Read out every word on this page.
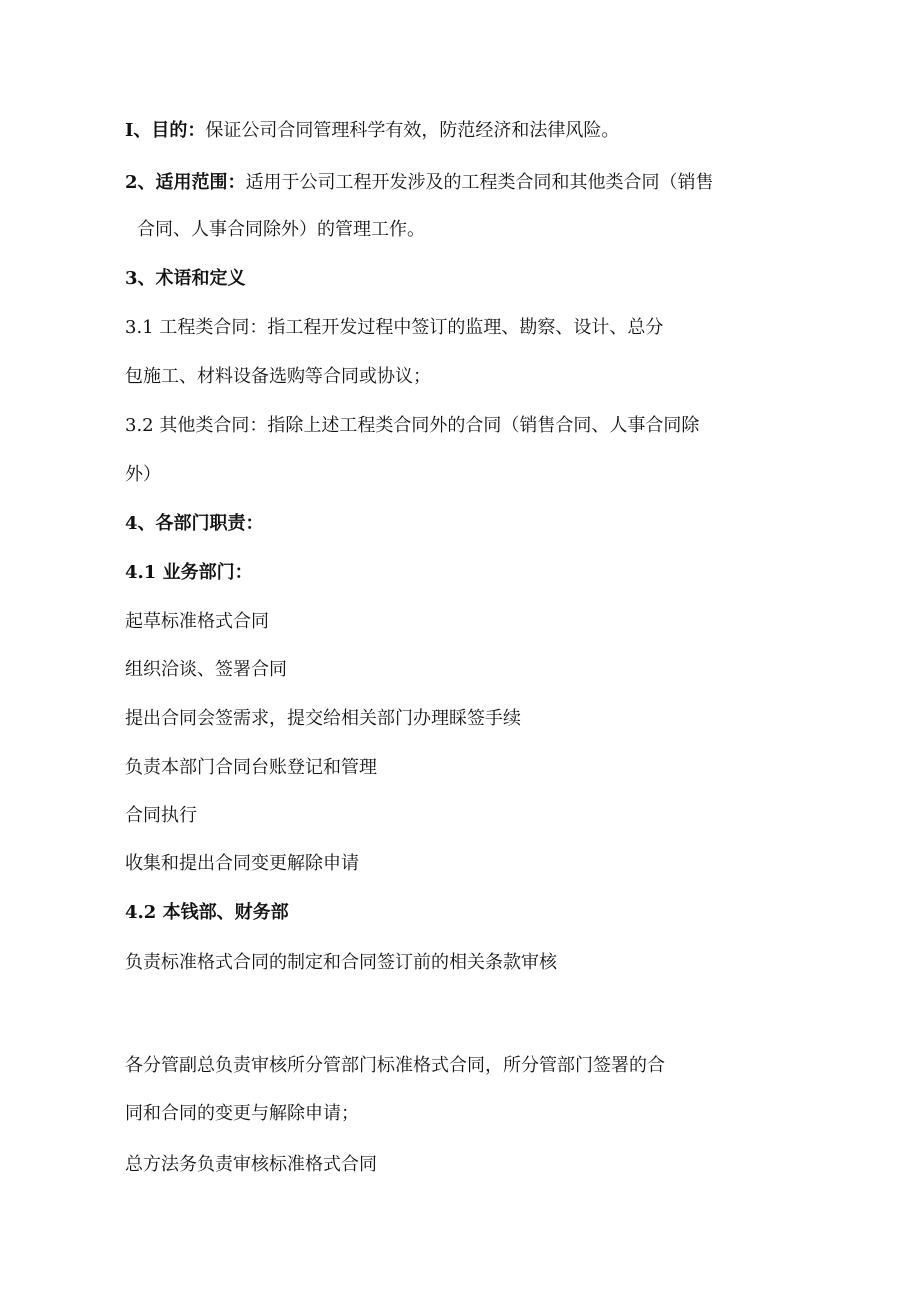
I、目的：保证公司合同管理科学有效，防范经济和法律风险。
2、适用范围：适用于公司工程开发涉及的工程类合同和其他类合同（销售
合同、人事合同除外）的管理工作。
3、术语和定义
3.1 工程类合同：指工程开发过程中签订的监理、勘察、设计、总分
包施工、材料设备选购等合同或协议；
3.2 其他类合同：指除上述工程类合同外的合同（销售合同、人事合同除
外）
4、各部门职责：
4.1 业务部门：
起草标准格式合同
组织洽谈、签署合同
提出合同会签需求，提交给相关部门办理睬签手续
负责本部门合同台账登记和管理
合同执行
收集和提出合同变更解除申请
4.2 本钱部、财务部
负责标准格式合同的制定和合同签订前的相关条款审核
各分管副总负责审核所分管部门标准格式合同，所分管部门签署的合
同和合同的变更与解除申请；
总方法务负责审核标准格式合同
